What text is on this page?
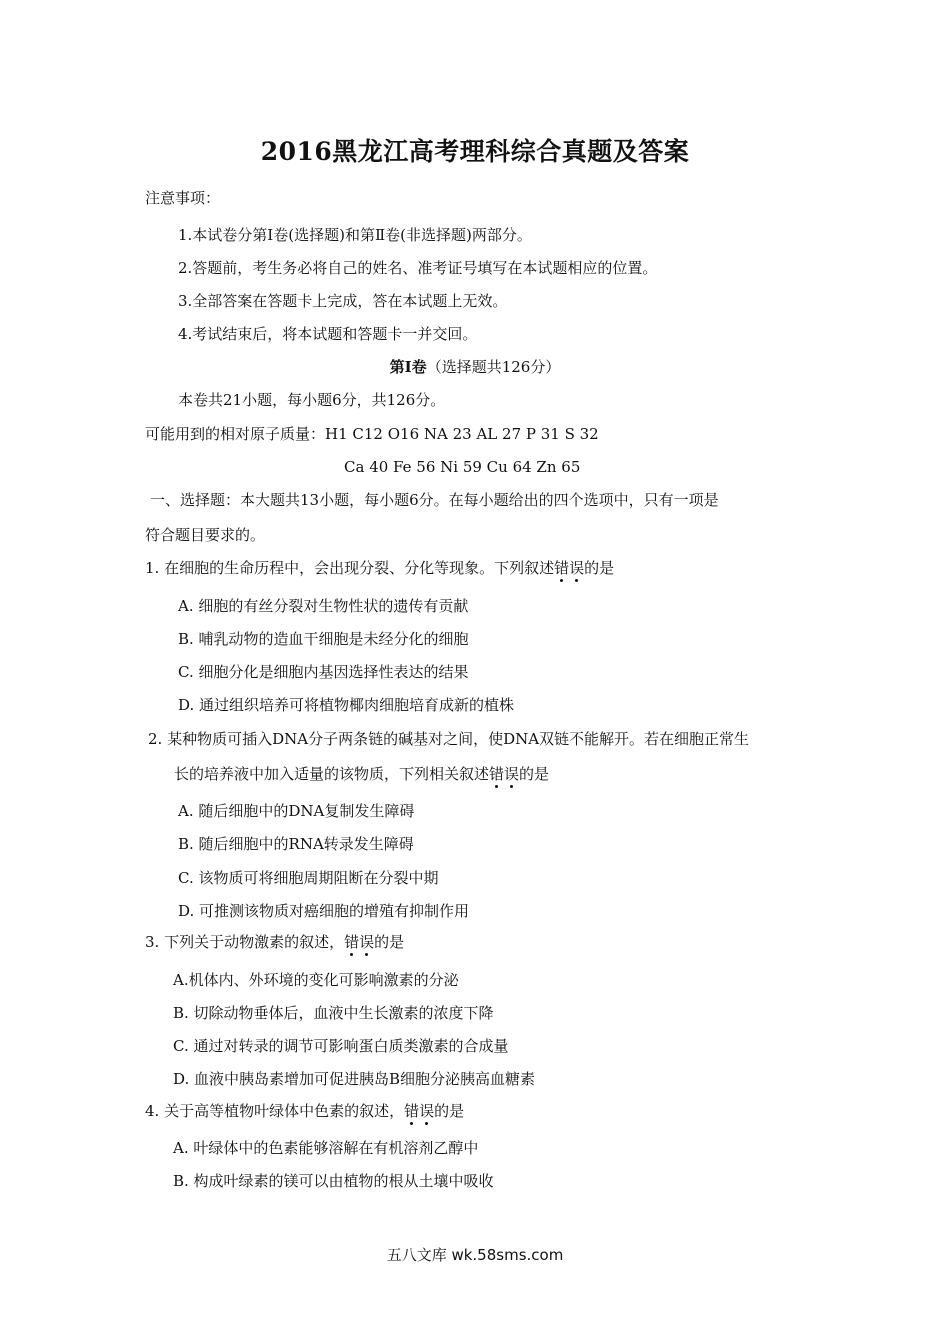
2016黑龙江高考理科综合真题及答案
注意事项：
1.本试卷分第Ⅰ卷(选择题)和第Ⅱ卷(非选择题)两部分。
2.答题前，考生务必将自己的姓名、准考证号填写在本试题相应的位置。
3.全部答案在答题卡上完成，答在本试题上无效。
4.考试结束后，将本试题和答题卡一并交回。
第Ⅰ卷（选择题共126分）
本卷共21小题，每小题6分，共126分。
可能用到的相对原子质量：H1 C12 O16 NA 23 AL 27 P 31 S 32
Ca 40 Fe 56 Ni 59 Cu 64 Zn 65
一、选择题：本大题共13小题，每小题6分。在每小题给出的四个选项中，只有一项是
符合题目要求的。
1. 在细胞的生命历程中，会出现分裂、分化等现象。下列叙述错误的是
A. 细胞的有丝分裂对生物性状的遗传有贡献
B. 哺乳动物的造血干细胞是未经分化的细胞
C. 细胞分化是细胞内基因选择性表达的结果
D. 通过组织培养可将植物椰肉细胞培育成新的植株
2. 某种物质可插入DNA分子两条链的碱基对之间，使DNA双链不能解开。若在细胞正常生
长的培养液中加入适量的该物质，下列相关叙述错误的是
A. 随后细胞中的DNA复制发生障碍
B. 随后细胞中的RNA转录发生障碍
C. 该物质可将细胞周期阻断在分裂中期
D. 可推测该物质对癌细胞的增殖有抑制作用
3. 下列关于动物激素的叙述，错误的是
A.机体内、外环境的变化可影响激素的分泌
B. 切除动物垂体后，血液中生长激素的浓度下降
C. 通过对转录的调节可影响蛋白质类激素的合成量
D. 血液中胰岛素增加可促进胰岛B细胞分泌胰高血糖素
4. 关于高等植物叶绿体中色素的叙述，错误的是
A. 叶绿体中的色素能够溶解在有机溶剂乙醇中
B. 构成叶绿素的镁可以由植物的根从土壤中吸收
五八文库 wk.58sms.com
